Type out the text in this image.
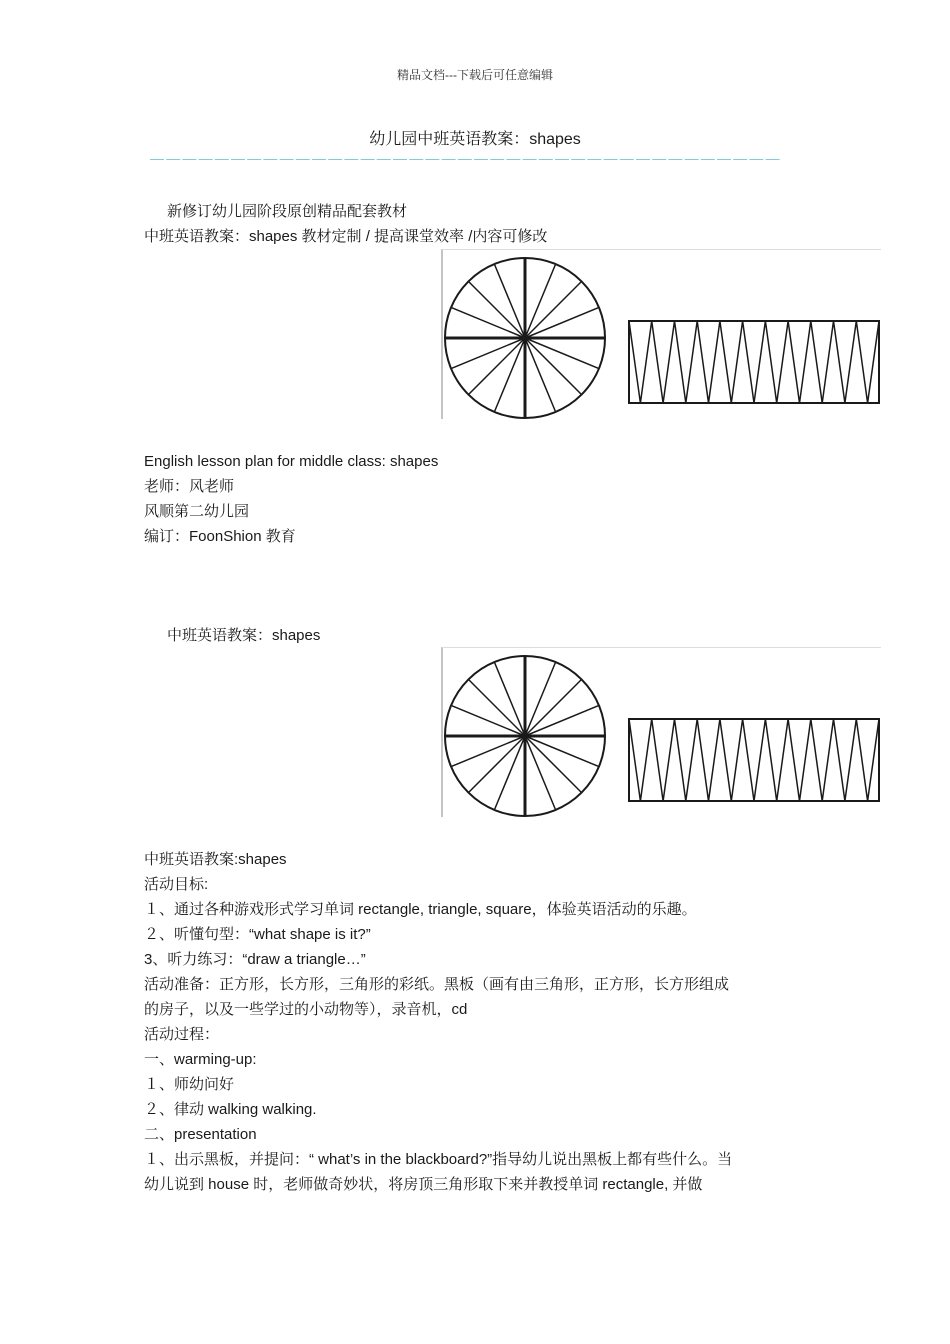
精品文档---下载后可任意编辑
幼儿园中班英语教案：shapes
———————————————————————————————————————
新修订幼儿园阶段原创精品配套教材
中班英语教案：shapes 教材定制 / 提高课堂效率 /内容可修改
English lesson plan for middle class: shapes
老师：风老师
风顺第二幼儿园
编订：FoonShion 教育
中班英语教案：shapes
中班英语教案:shapes
活动目标:
１、通过各种游戏形式学习单词 rectangle, triangle, square，体验英语活动的乐趣。
２、听懂句型：“what shape is it?”
3、听力练习：“draw a triangle…”
活动准备：正方形，长方形，三角形的彩纸。黑板（画有由三角形，正方形，长方形组成
的房子，以及一些学过的小动物等），录音机，cd
活动过程：
一、warming-up:
１、师幼问好
２、律动 walking walking.
二、presentation
１、出示黑板，并提问：“ what’s in the blackboard?”指导幼儿说出黑板上都有些什么。当
幼儿说到 house 时，老师做奇妙状，将房顶三角形取下来并教授单词 rectangle, 并做
